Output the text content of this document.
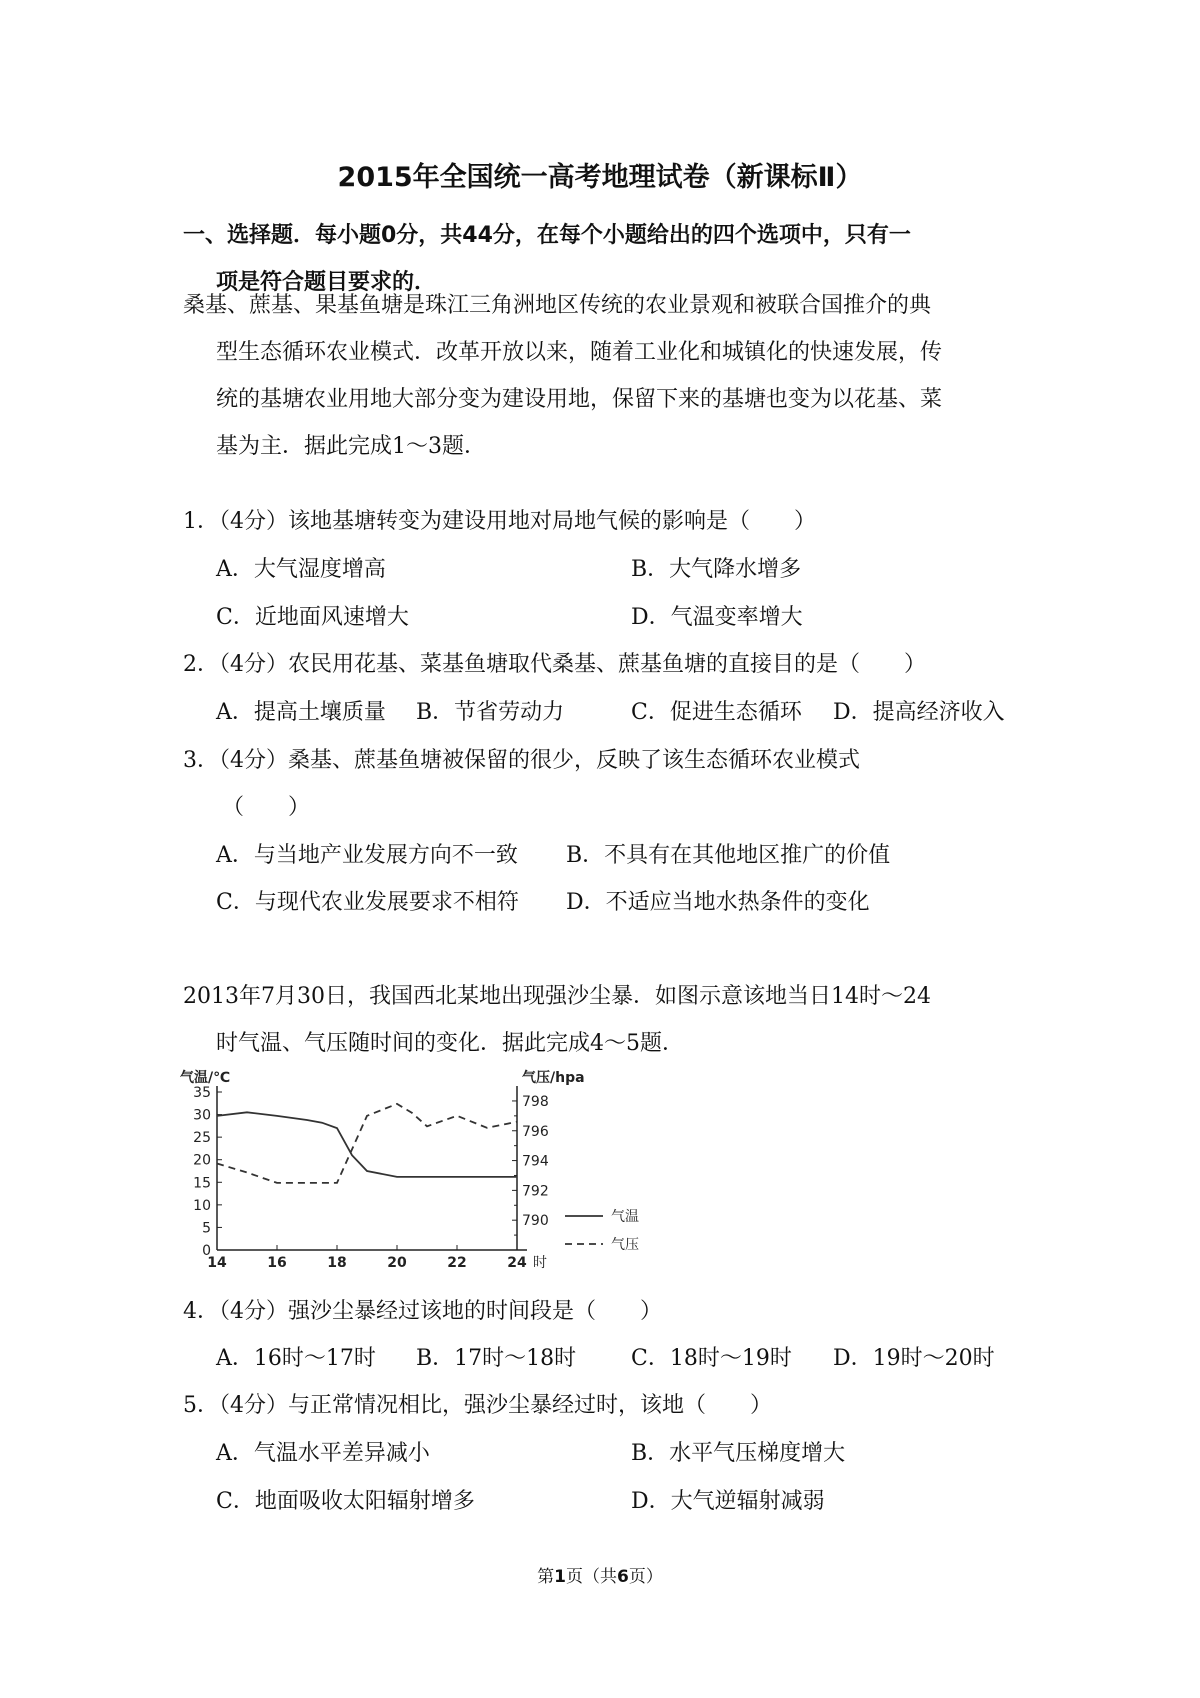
2015年全国统一高考地理试卷（新课标Ⅱ）
一、选择题．每小题0分，共44分，在每个小题给出的四个选项中，只有一
项是符合题目要求的．
桑基、蔗基、果基鱼塘是珠江三角洲地区传统的农业景观和被联合国推介的典
型生态循环农业模式．改革开放以来，随着工业化和城镇化的快速发展，传
统的基塘农业用地大部分变为建设用地，保留下来的基塘也变为以花基、菜
基为主．据此完成1～3题．
1．（4分）该地基塘转变为建设用地对局地气候的影响是（　　）
A．大气湿度增高	B．大气降水增多
C．近地面风速增大	D．气温变率增大
2．（4分）农民用花基、菜基鱼塘取代桑基、蔗基鱼塘的直接目的是（　　）
A．提高土壤质量 B．节省劳动力	C．促进生态循环 D．提高经济收入
3．（4分）桑基、蔗基鱼塘被保留的很少，反映了该生态循环农业模式
（　　）
A．与当地产业发展方向不一致 B．不具有在其他地区推广的价值
C．与现代农业发展要求不相符 D．不适应当地水热条件的变化
2013年7月30日，我国西北某地出现强沙尘暴．如图示意该地当日14时～24
时气温、气压随时间的变化．据此完成4～5题．
气温/℃	气压/hpa
时
0
5
10
15
20
25
30
35
790
792
794
796
798
14	16	18	20	22	24
气温
气压
4．（4分）强沙尘暴经过该地的时间段是（　　）
A．16时～17时 B．17时～18时 C．18时～19时 D．19时～20时
5．（4分）与正常情况相比，强沙尘暴经过时，该地（　　）
A．气温水平差异减小	B．水平气压梯度增大
C．地面吸收太阳辐射增多	D．大气逆辐射减弱
第1页（共6页）
